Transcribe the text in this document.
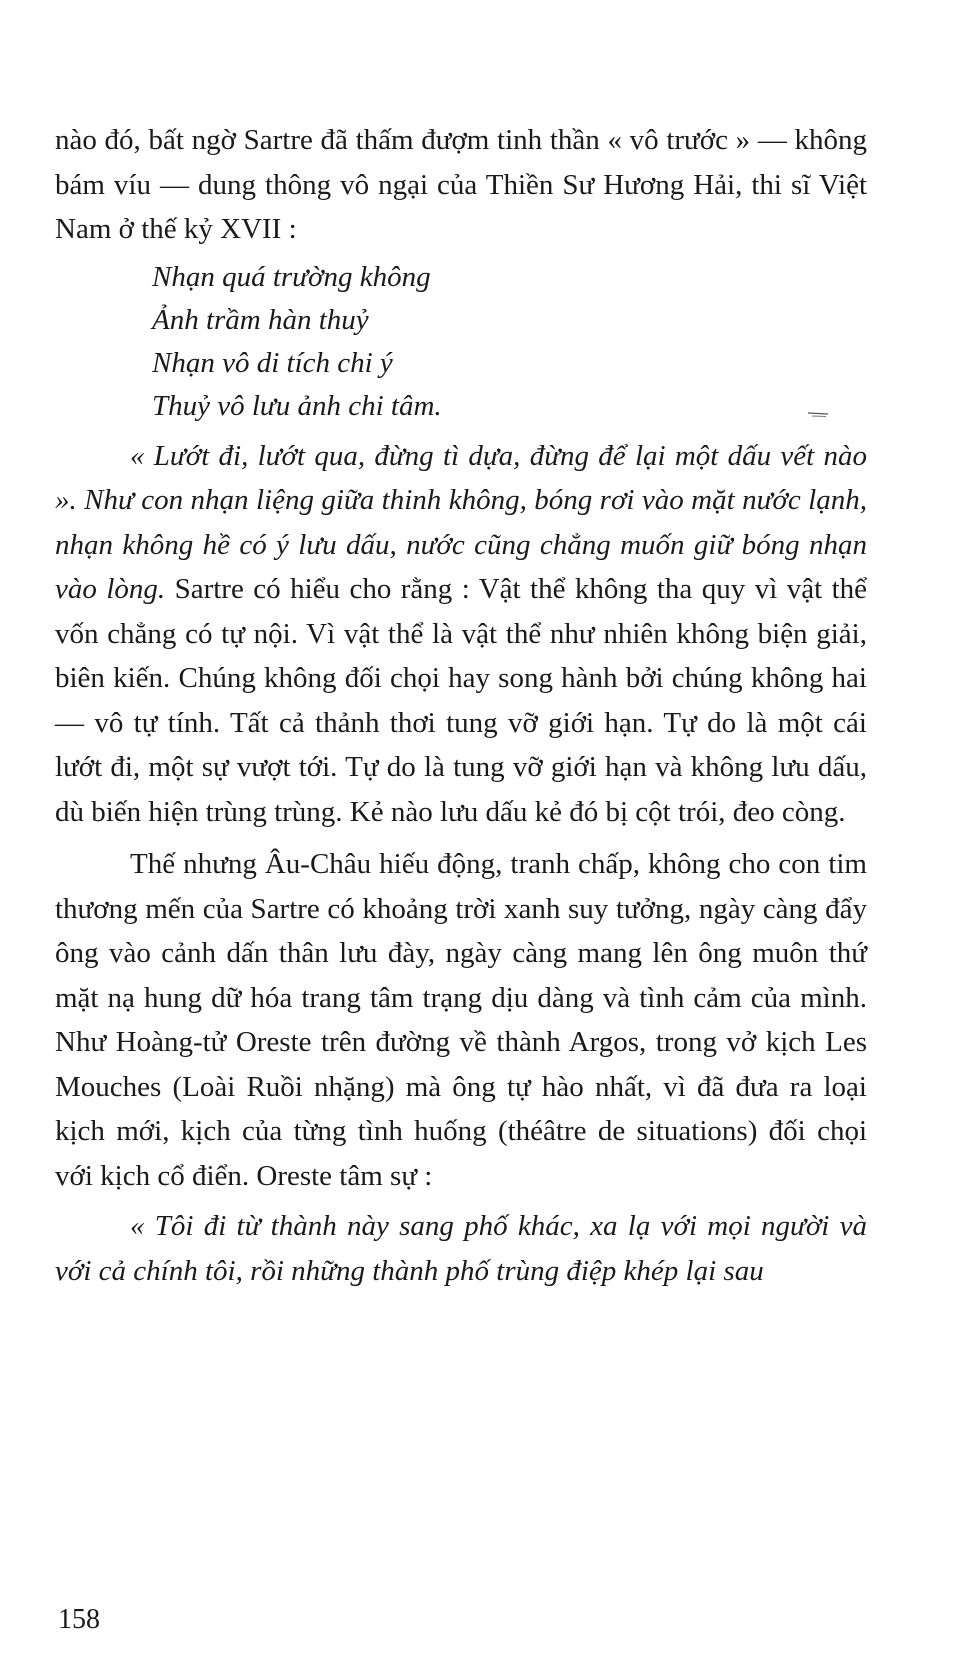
nào đó, bất ngờ Sartre đã thấm đượm tinh thần « vô trước » — không bám víu — dung thông vô ngại của Thiền Sư Hương Hải, thi sĩ Việt Nam ở thế kỷ XVII :

Nhạn quá trường không
Ảnh trầm hàn thuỷ
Nhạn vô di tích chi ý
Thuỷ vô lưu ảnh chi tâm.

« Lướt đi, lướt qua, đừng tì dựa, đừng để lại một dấu vết nào ». Như con nhạn liệng giữa thinh không, bóng rơi vào mặt nước lạnh, nhạn không hề có ý lưu dấu, nước cũng chẳng muốn giữ bóng nhạn vào lòng. Sartre có hiểu cho rằng : Vật thể không tha quy vì vật thể vốn chẳng có tự nội. Vì vật thể là vật thể như nhiên không biện giải, biên kiến. Chúng không đối chọi hay song hành bởi chúng không hai — vô tự tính. Tất cả thảnh thơi tung vỡ giới hạn. Tự do là một cái lướt đi, một sự vượt tới. Tự do là tung vỡ giới hạn và không lưu dấu, dù biến hiện trùng trùng. Kẻ nào lưu dấu kẻ đó bị cột trói, đeo còng.

Thế nhưng Âu-Châu hiếu động, tranh chấp, không cho con tim thương mến của Sartre có khoảng trời xanh suy tưởng, ngày càng đẩy ông vào cảnh dấn thân lưu đày, ngày càng mang lên ông muôn thứ mặt nạ hung dữ hóa trang tâm trạng dịu dàng và tình cảm của mình. Như Hoàng-tử Oreste trên đường về thành Argos, trong vở kịch Les Mouches (Loài Ruồi nhặng) mà ông tự hào nhất, vì đã đưa ra loại kịch mới, kịch của từng tình huống (théâtre de situations) đối chọi với kịch cổ điển. Oreste tâm sự :

« Tôi đi từ thành này sang phố khác, xa lạ với mọi người và với cả chính tôi, rồi những thành phố trùng điệp khép lại sau

158
